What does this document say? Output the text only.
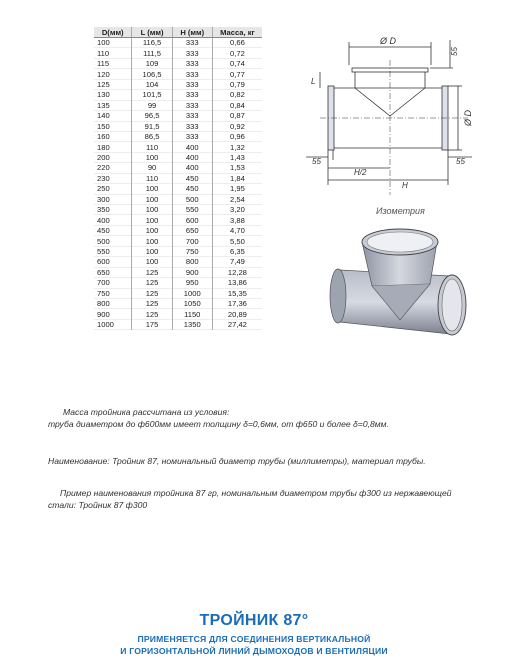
D(мм)	L (мм)	H (мм)	Масса, кг
100	116,5	333	0,66
110	111,5	333	0,72
115	109	333	0,74
120	106,5	333	0,77
125	104	333	0,79
130	101,5	333	0,82
135	99	333	0,84
140	96,5	333	0,87
150	91,5	333	0,92
160	86,5	333	0,96
180	110	400	1,32
200	100	400	1,43
220	90	400	1,53
230	110	450	1,84
250	100	450	1,95
300	100	500	2,54
350	100	550	3,20
400	100	600	3,88
450	100	650	4,70
500	100	700	5,50
550	100	750	6,35
600	100	800	7,49
650	125	900	12,28
700	125	950	13,86
750	125	1000	15,35
800	125	1050	17,36
900	125	1150	20,89
1000	175	1350	27,42
Ø D
55
Ø D
L
55	55
H/2
H
Изометрия
Масса тройника рассчитана из условия:
труба диаметром до ф600мм имеет толщину δ=0,6мм, от ф650 и более δ=0,8мм.
Наименование: Тройник 87, номинальный диаметр трубы (миллиметры), материал трубы.
Пример наименования тройника 87 гр, номинальным диаметром трубы ф300 из нержавеющей
стали: Тройник 87 ф300
ТРОЙНИК 87°
ПРИМЕНЯЕТСЯ ДЛЯ СОЕДИНЕНИЯ ВЕРТИКАЛЬНОЙ
И ГОРИЗОНТАЛЬНОЙ ЛИНИЙ ДЫМОХОДОВ И ВЕНТИЛЯЦИИ
